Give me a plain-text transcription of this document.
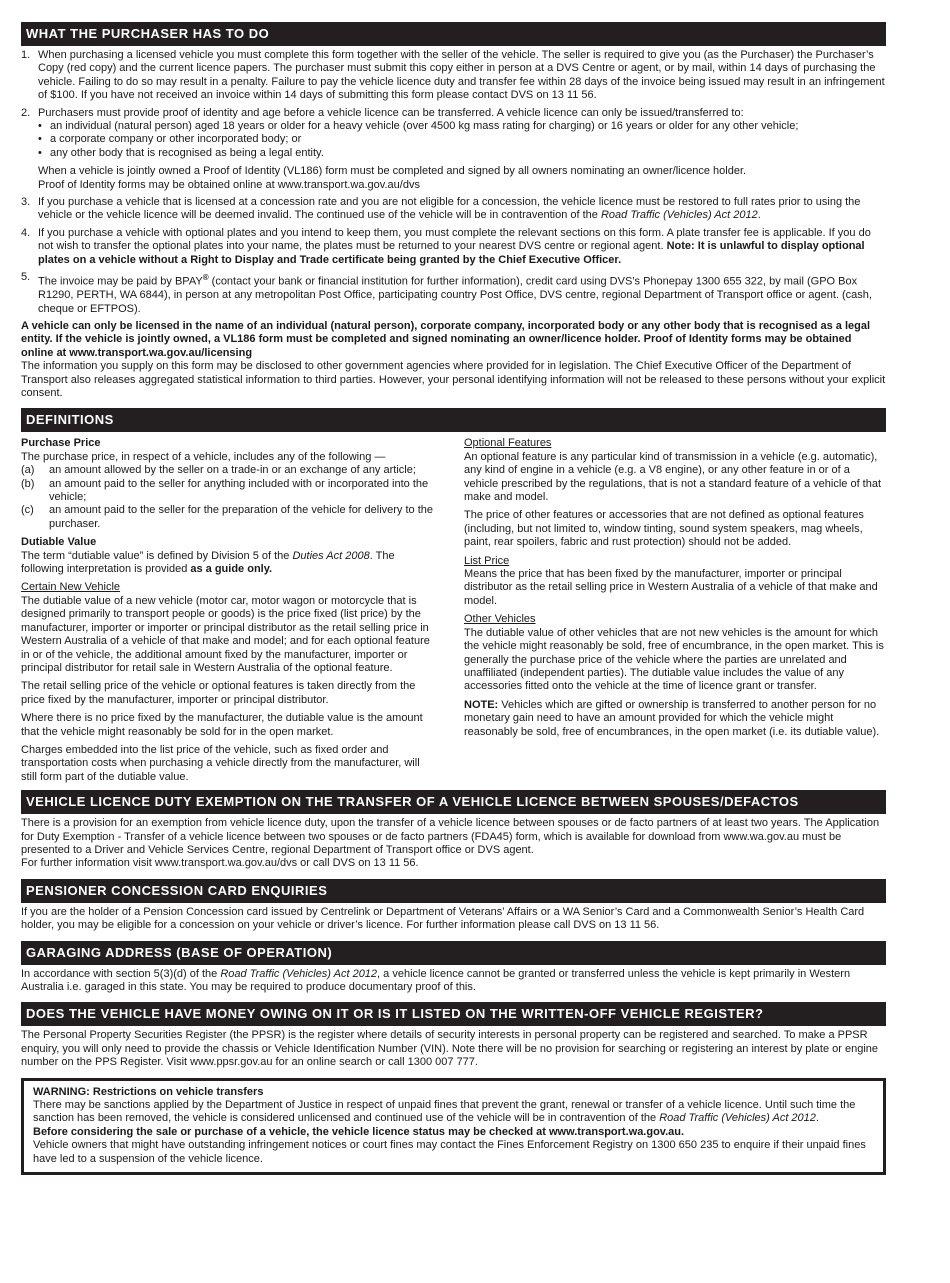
WHAT THE PURCHASER HAS TO DO
1. When purchasing a licensed vehicle you must complete this form together with the seller of the vehicle. The seller is required to give you (as the Purchaser) the Purchaser’s Copy (red copy) and the current licence papers. The purchaser must submit this copy either in person at a DVS Centre or agent, or by mail, within 14 days of purchasing the vehicle. Failing to do so may result in a penalty. Failure to pay the vehicle licence duty and transfer fee within 28 days of the invoice being issued may result in an infringement of $100. If you have not received an invoice within 14 days of submitting this form please contact DVS on 13 11 56.
2. Purchasers must provide proof of identity and age before a vehicle licence can be transferred. A vehicle licence can only be issued/transferred to:
• an individual (natural person) aged 18 years or older for a heavy vehicle (over 4500 kg mass rating for charging) or 16 years or older for any other vehicle;
• a corporate company or other incorporated body; or
• any other body that is recognised as being a legal entity.

When a vehicle is jointly owned a Proof of Identity (VL186) form must be completed and signed by all owners nominating an owner/licence holder.

Proof of Identity forms may be obtained online at www.transport.wa.gov.au/dvs

3. If you purchase a vehicle that is licensed at a concession rate and you are not eligible for a concession, the vehicle licence must be restored to full rates prior to using the vehicle or the vehicle licence will be deemed invalid. The continued use of the vehicle will be in contravention of the Road Traffic (Vehicles) Act 2012.
4. If you purchase a vehicle with optional plates and you intend to keep them, you must complete the relevant sections on this form. A plate transfer fee is applicable. If you do not wish to transfer the optional plates into your name, the plates must be returned to your nearest DVS centre or regional agent. Note: It is unlawful to display optional plates on a vehicle without a Right to Display and Trade certificate being granted by the Chief Executive Officer.
5. The invoice may be paid by BPAY® (contact your bank or financial institution for further information), credit card using DVS’s Phonepay 1300 655 322, by mail (GPO Box R1290, PERTH, WA 6844), in person at any metropolitan Post Office, participating country Post Office, DVS centre, regional Department of Transport office or agent. (cash, cheque or EFTPOS).

A vehicle can only be licensed in the name of an individual (natural person), corporate company, incorporated body or any other body that is recognised as a legal entity. If the vehicle is jointly owned, a VL186 form must be completed and signed nominating an owner/licence holder. Proof of Identity forms may be obtained online at www.transport.wa.gov.au/licensing

The information you supply on this form may be disclosed to other government agencies where provided for in legislation. The Chief Executive Officer of the Department of Transport also releases aggregated statistical information to third parties. However, your personal identifying information will not be released to these persons without your explicit consent.

DEFINITIONS

Purchase Price

The purchase price, in respect of a vehicle, includes any of the following —

(a) an amount allowed by the seller on a trade-in or an exchange of any article;
(b) an amount paid to the seller for anything included with or incorporated into the vehicle;
(c) an amount paid to the seller for the preparation of the vehicle for delivery to the purchaser.

Dutiable Value

The term “dutiable value” is defined by Division 5 of the Duties Act 2008. The following interpretation is provided as a guide only.

Certain New Vehicle

The dutiable value of a new vehicle (motor car, motor wagon or motorcycle that is designed primarily to transport people or goods) is the price fixed (list price) by the manufacturer, importer or importer or principal distributor as the retail selling price in Western Australia of a vehicle of that make and model; and for each optional feature in or of the vehicle, the additional amount fixed by the manufacturer, importer or principal distributor for retail sale in Western Australia of the optional feature.

The retail selling price of the vehicle or optional features is taken directly from the price fixed by the manufacturer, importer or principal distributor.

Where there is no price fixed by the manufacturer, the dutiable value is the amount that the vehicle might reasonably be sold for in the open market.

Charges embedded into the list price of the vehicle, such as fixed order and transportation costs when purchasing a vehicle directly from the manufacturer, will still form part of the dutiable value.

Optional Features

An optional feature is any particular kind of transmission in a vehicle (e.g. automatic), any kind of engine in a vehicle (e.g. a V8 engine), or any other feature in or of a vehicle prescribed by the regulations, that is not a standard feature of a vehicle of that make and model.

The price of other features or accessories that are not defined as optional features (including, but not limited to, window tinting, sound system speakers, mag wheels, paint, rear spoilers, fabric and rust protection) should not be added.

List Price

Means the price that has been fixed by the manufacturer, importer or principal distributor as the retail selling price in Western Australia of a vehicle of that make and model.

Other Vehicles

The dutiable value of other vehicles that are not new vehicles is the amount for which the vehicle might reasonably be sold, free of encumbrance, in the open market. This is generally the purchase price of the vehicle where the parties are unrelated and unaffiliated (independent parties). The dutiable value includes the value of any accessories fitted onto the vehicle at the time of licence grant or transfer.

NOTE: Vehicles which are gifted or ownership is transferred to another person for no monetary gain need to have an amount provided for which the vehicle might reasonably be sold, free of encumbrances, in the open market (i.e. its dutiable value).

VEHICLE LICENCE DUTY EXEMPTION ON THE TRANSFER OF A VEHICLE LICENCE BETWEEN SPOUSES/DEFACTOS

There is a provision for an exemption from vehicle licence duty, upon the transfer of a vehicle licence between spouses or de facto partners of at least two years. The Application for Duty Exemption - Transfer of a vehicle licence between two spouses or de facto partners (FDA45) form, which is available for download from www.wa.gov.au must be presented to a Driver and Vehicle Services Centre, regional Department of Transport office or DVS agent.

For further information visit www.transport.wa.gov.au/dvs or call DVS on 13 11 56.

PENSIONER CONCESSION CARD ENQUIRIES

If you are the holder of a Pension Concession card issued by Centrelink or Department of Veterans’ Affairs or a WA Senior’s Card and a Commonwealth Senior’s Health Card holder, you may be eligible for a concession on your vehicle or driver’s licence. For further information please call DVS on 13 11 56.

GARAGING ADDRESS (BASE OF OPERATION)

In accordance with section 5(3)(d) of the Road Traffic (Vehicles) Act 2012, a vehicle licence cannot be granted or transferred unless the vehicle is kept primarily in Western Australia i.e. garaged in this state. You may be required to produce documentary proof of this.

DOES THE VEHICLE HAVE MONEY OWING ON IT OR IS IT LISTED ON THE WRITTEN-OFF VEHICLE REGISTER?

The Personal Property Securities Register (the PPSR) is the register where details of security interests in personal property can be registered and searched. To make a PPSR enquiry, you will only need to provide the chassis or Vehicle Identification Number (VIN). Note there will be no provision for searching or registering an interest by plate or engine number on the PPS Register. Visit www.ppsr.gov.au for an online search or call 1300 007 777.

WARNING: Restrictions on vehicle transfers

There may be sanctions applied by the Department of Justice in respect of unpaid fines that prevent the grant, renewal or transfer of a vehicle licence. Until such time the sanction has been removed, the vehicle is considered unlicensed and continued use of the vehicle will be in contravention of the Road Traffic (Vehicles) Act 2012.

Before considering the sale or purchase of a vehicle, the vehicle licence status may be checked at www.transport.wa.gov.au.

Vehicle owners that might have outstanding infringement notices or court fines may contact the Fines Enforcement Registry on 1300 650 235 to enquire if their unpaid fines have led to a suspension of the vehicle licence.
